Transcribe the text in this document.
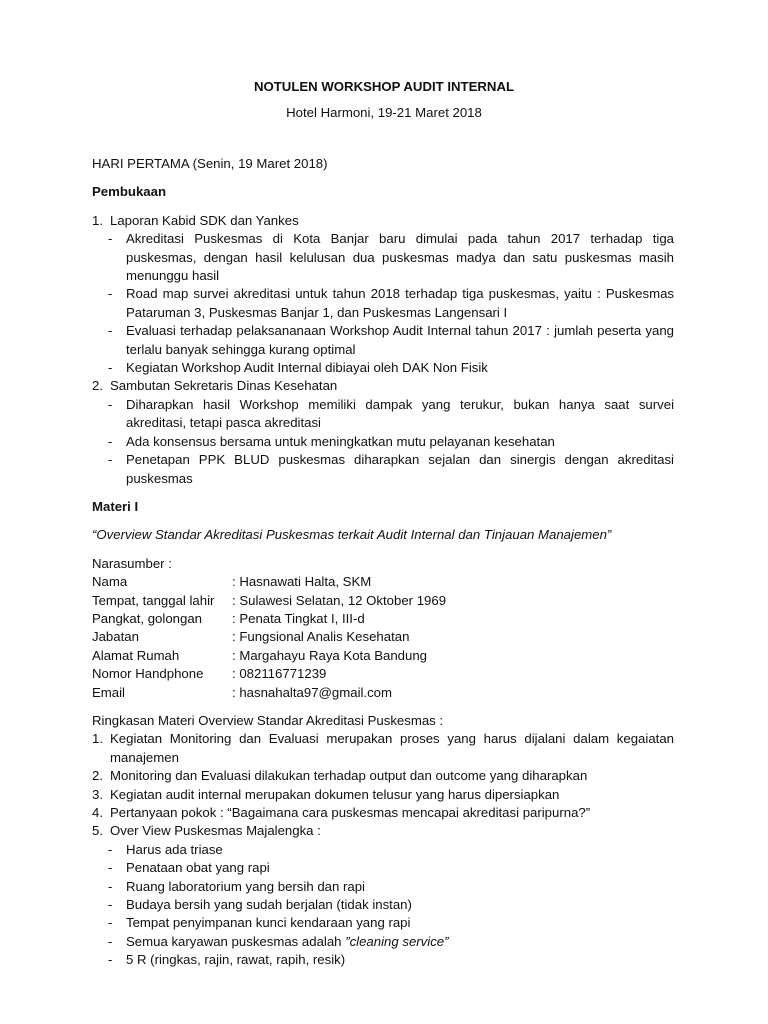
NOTULEN WORKSHOP AUDIT INTERNAL
Hotel Harmoni, 19-21 Maret 2018

HARI PERTAMA (Senin, 19 Maret 2018)

Pembukaan

1. Laporan Kabid SDK dan Yankes
- Akreditasi Puskesmas di Kota Banjar baru dimulai pada tahun 2017 terhadap tiga puskesmas, dengan hasil kelulusan dua puskesmas madya dan satu puskesmas masih menunggu hasil
- Road map survei akreditasi untuk tahun 2018 terhadap tiga puskesmas, yaitu : Puskesmas Pataruman 3, Puskesmas Banjar 1, dan Puskesmas Langensari I
- Evaluasi terhadap pelaksananaan Workshop Audit Internal tahun 2017 : jumlah peserta yang terlalu banyak sehingga kurang optimal
- Kegiatan Workshop Audit Internal dibiayai oleh DAK Non Fisik
2. Sambutan Sekretaris Dinas Kesehatan
- Diharapkan hasil Workshop memiliki dampak yang terukur, bukan hanya saat survei akreditasi, tetapi pasca akreditasi
- Ada konsensus bersama untuk meningkatkan mutu pelayanan kesehatan
- Penetapan PPK BLUD puskesmas diharapkan sejalan dan sinergis dengan akreditasi puskesmas

Materi I

“Overview Standar Akreditasi Puskesmas terkait Audit Internal dan Tinjauan Manajemen”

Narasumber :

Nama	: Hasnawati Halta, SKM
Tempat, tanggal lahir	: Sulawesi Selatan, 12 Oktober 1969
Pangkat, golongan	: Penata Tingkat I, III-d
Jabatan	: Fungsional Analis Kesehatan
Alamat Rumah	: Margahayu Raya Kota Bandung
Nomor Handphone	: 082116771239
Email	: hasnahalta97@gmail.com

Ringkasan Materi Overview Standar Akreditasi Puskesmas :

1. Kegiatan Monitoring dan Evaluasi merupakan proses yang harus dijalani dalam kegaiatan manajemen
2. Monitoring dan Evaluasi dilakukan terhadap output dan outcome yang diharapkan
3. Kegiatan audit internal merupakan dokumen telusur yang harus dipersiapkan
4. Pertanyaan pokok : “Bagaimana cara puskesmas mencapai akreditasi paripurna?”
5. Over View Puskesmas Majalengka :
- Harus ada triase
- Penataan obat yang rapi
- Ruang laboratorium yang bersih dan rapi
- Budaya bersih yang sudah berjalan (tidak instan)
- Tempat penyimpanan kunci kendaraan yang rapi
- Semua karyawan puskesmas adalah ”cleaning service”
- 5 R (ringkas, rajin, rawat, rapih, resik)
